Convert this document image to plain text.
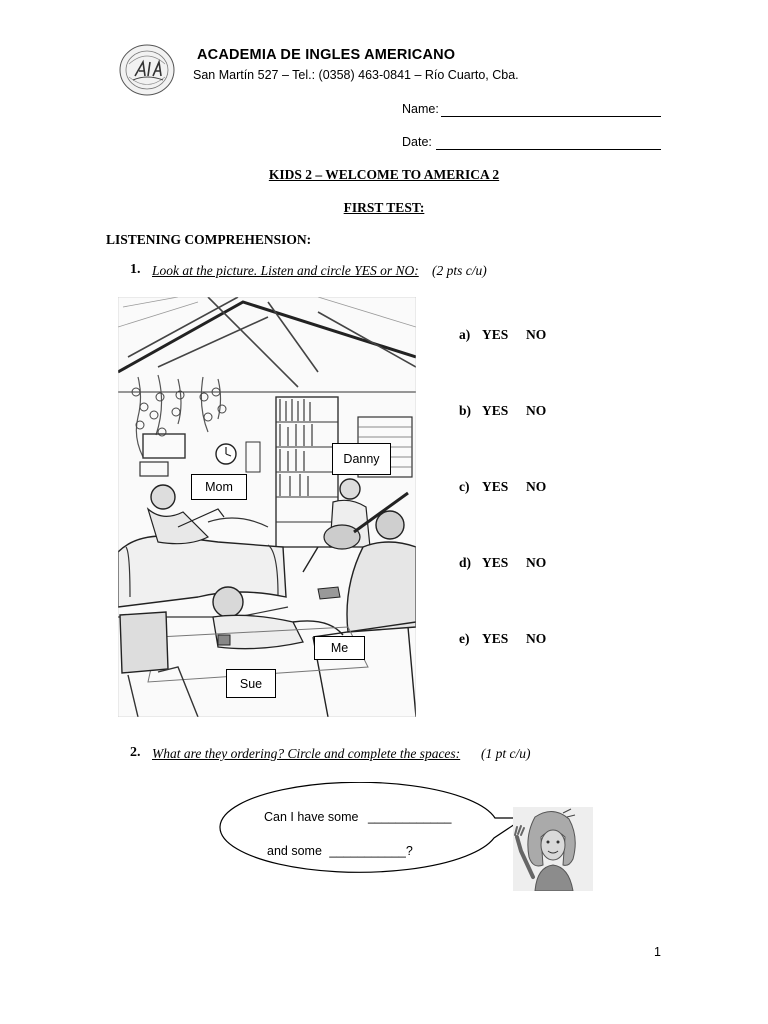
ACADEMIA DE INGLES AMERICANO
San Martín 527 – Tel.: (0358) 463-0841 – Río Cuarto, Cba.
Name:
Date:
KIDS 2 – WELCOME TO AMERICA 2
FIRST TEST:
LISTENING COMPREHENSION:
1. Look at the picture. Listen and circle YES or NO: (2 pts c/u)
Mom
Danny
Me
Sue
a) YES NO
b) YES NO
c) YES NO
d) YES NO
e) YES NO
2. What are they ordering? Circle and complete the spaces: (1 pt c/u)
Can I have some ____________
and some ___________?
1
